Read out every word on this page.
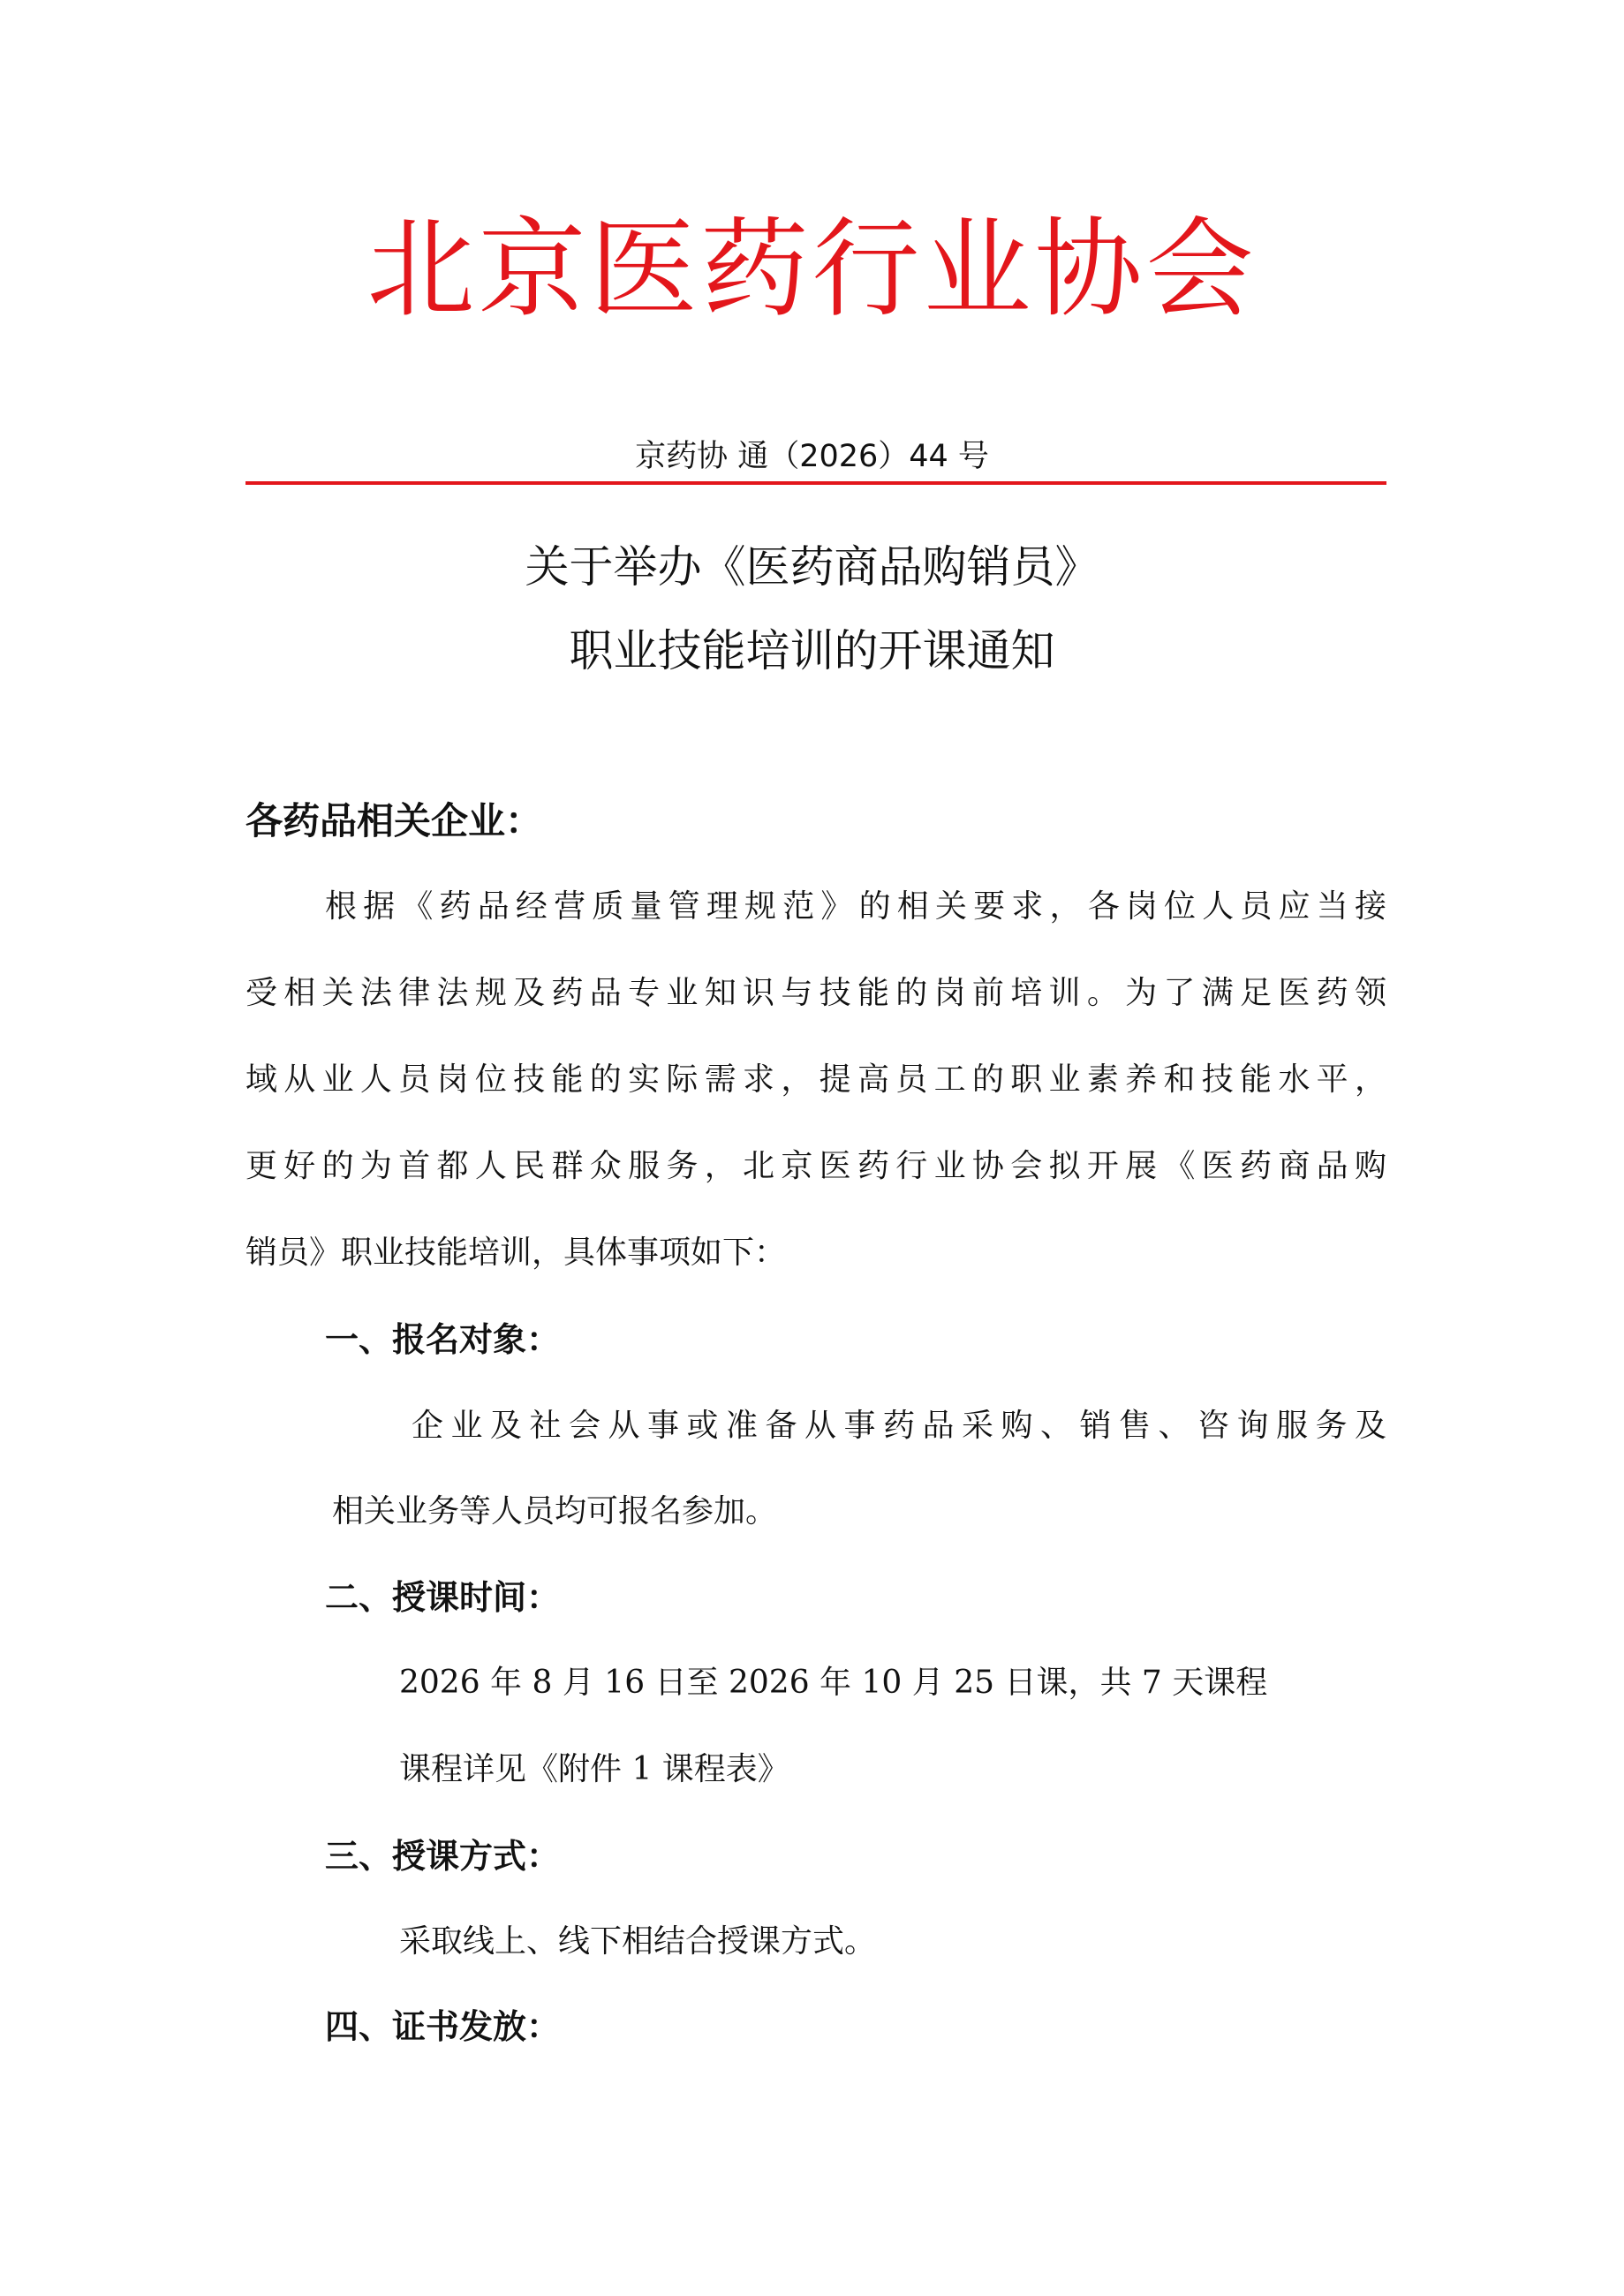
北京医药行业协会
京药协 通（2026）44 号
关于举办《医药商品购销员》
职业技能培训的开课通知
各药品相关企业：
根据《药品经营质量管理规范》的相关要求，各岗位人员应当接
受相关法律法规及药品专业知识与技能的岗前培训。为了满足医药领
域从业人员岗位技能的实际需求，提高员工的职业素养和技能水平，
更好的为首都人民群众服务，北京医药行业协会拟开展《医药商品购
销员》职业技能培训，具体事项如下：
一、报名对象：
企业及社会从事或准备从事药品采购、销售、咨询服务及
相关业务等人员均可报名参加。
二、授课时间：
2026 年 8 月 16 日至 2026 年 10 月 25 日课，共 7 天课程
课程详见《附件 1 课程表》
三、授课方式：
采取线上、线下相结合授课方式。
四、证书发放：
